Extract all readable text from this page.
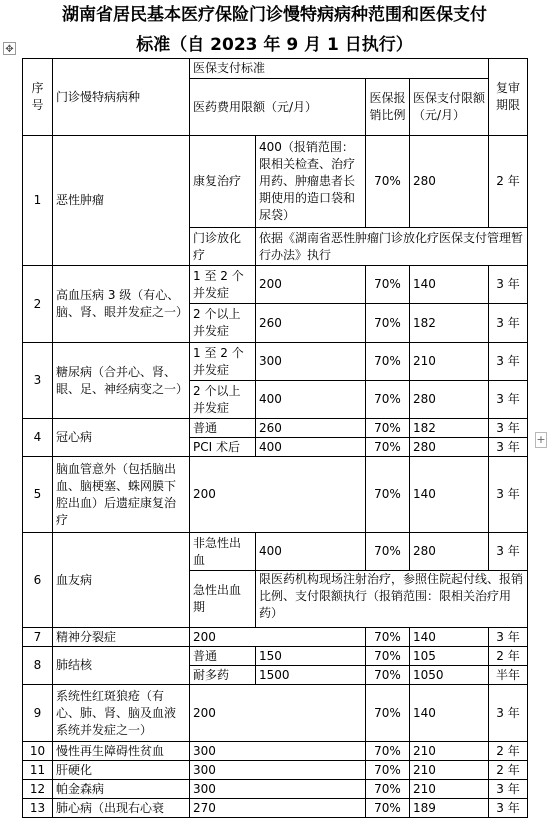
湖南省居民基本医疗保险门诊慢特病病种范围和医保支付
标准（自 2023 年 9 月 1 日执行）
✥
+
序号	门诊慢特病病种	医保支付标准				复审期限
		医药费用限额（元/月）		医保报销比例	医保支付限额（元/月）	
1	恶性肿瘤	康复治疗	400（报销范围：限相关检查、治疗用药、肿瘤患者长期使用的造口袋和尿袋）	70%	280	2 年
		门诊放化疗	依据《湖南省恶性肿瘤门诊放化疗医保支付管理暂行办法》执行			
2	高血压病 3 级（有心、脑、肾、眼并发症之一）	1 至 2 个并发症	200	70%	140	3 年
		2 个以上并发症	260	70%	182	3 年
3	糖尿病（合并心、肾、眼、足、神经病变之一）	1 至 2 个并发症	300	70%	210	3 年
		2 个以上并发症	400	70%	280	3 年
4	冠心病	普通	260	70%	182	3 年
		PCI 术后	400	70%	280	3 年
5	脑血管意外（包括脑出血、脑梗塞、蛛网膜下腔出血）后遗症康复治疗	200		70%	140	3 年
6	血友病	非急性出血	400	70%	280	3 年
		急性出血期	限医药机构现场注射治疗，参照住院起付线、报销比例、支付限额执行（报销范围：限相关治疗用药）			
7	精神分裂症	200		70%	140	3 年
8	肺结核	普通	150	70%	105	2 年
		耐多药	1500	70%	1050	半年
9	系统性红斑狼疮（有心、肺、肾、脑及血液系统并发症之一）	200		70%	140	3 年
10	慢性再生障碍性贫血	300		70%	210	2 年
11	肝硬化	300		70%	210	2 年
12	帕金森病	300		70%	210	3 年
13	肺心病（出现右心衰	270		70%	189	3 年
